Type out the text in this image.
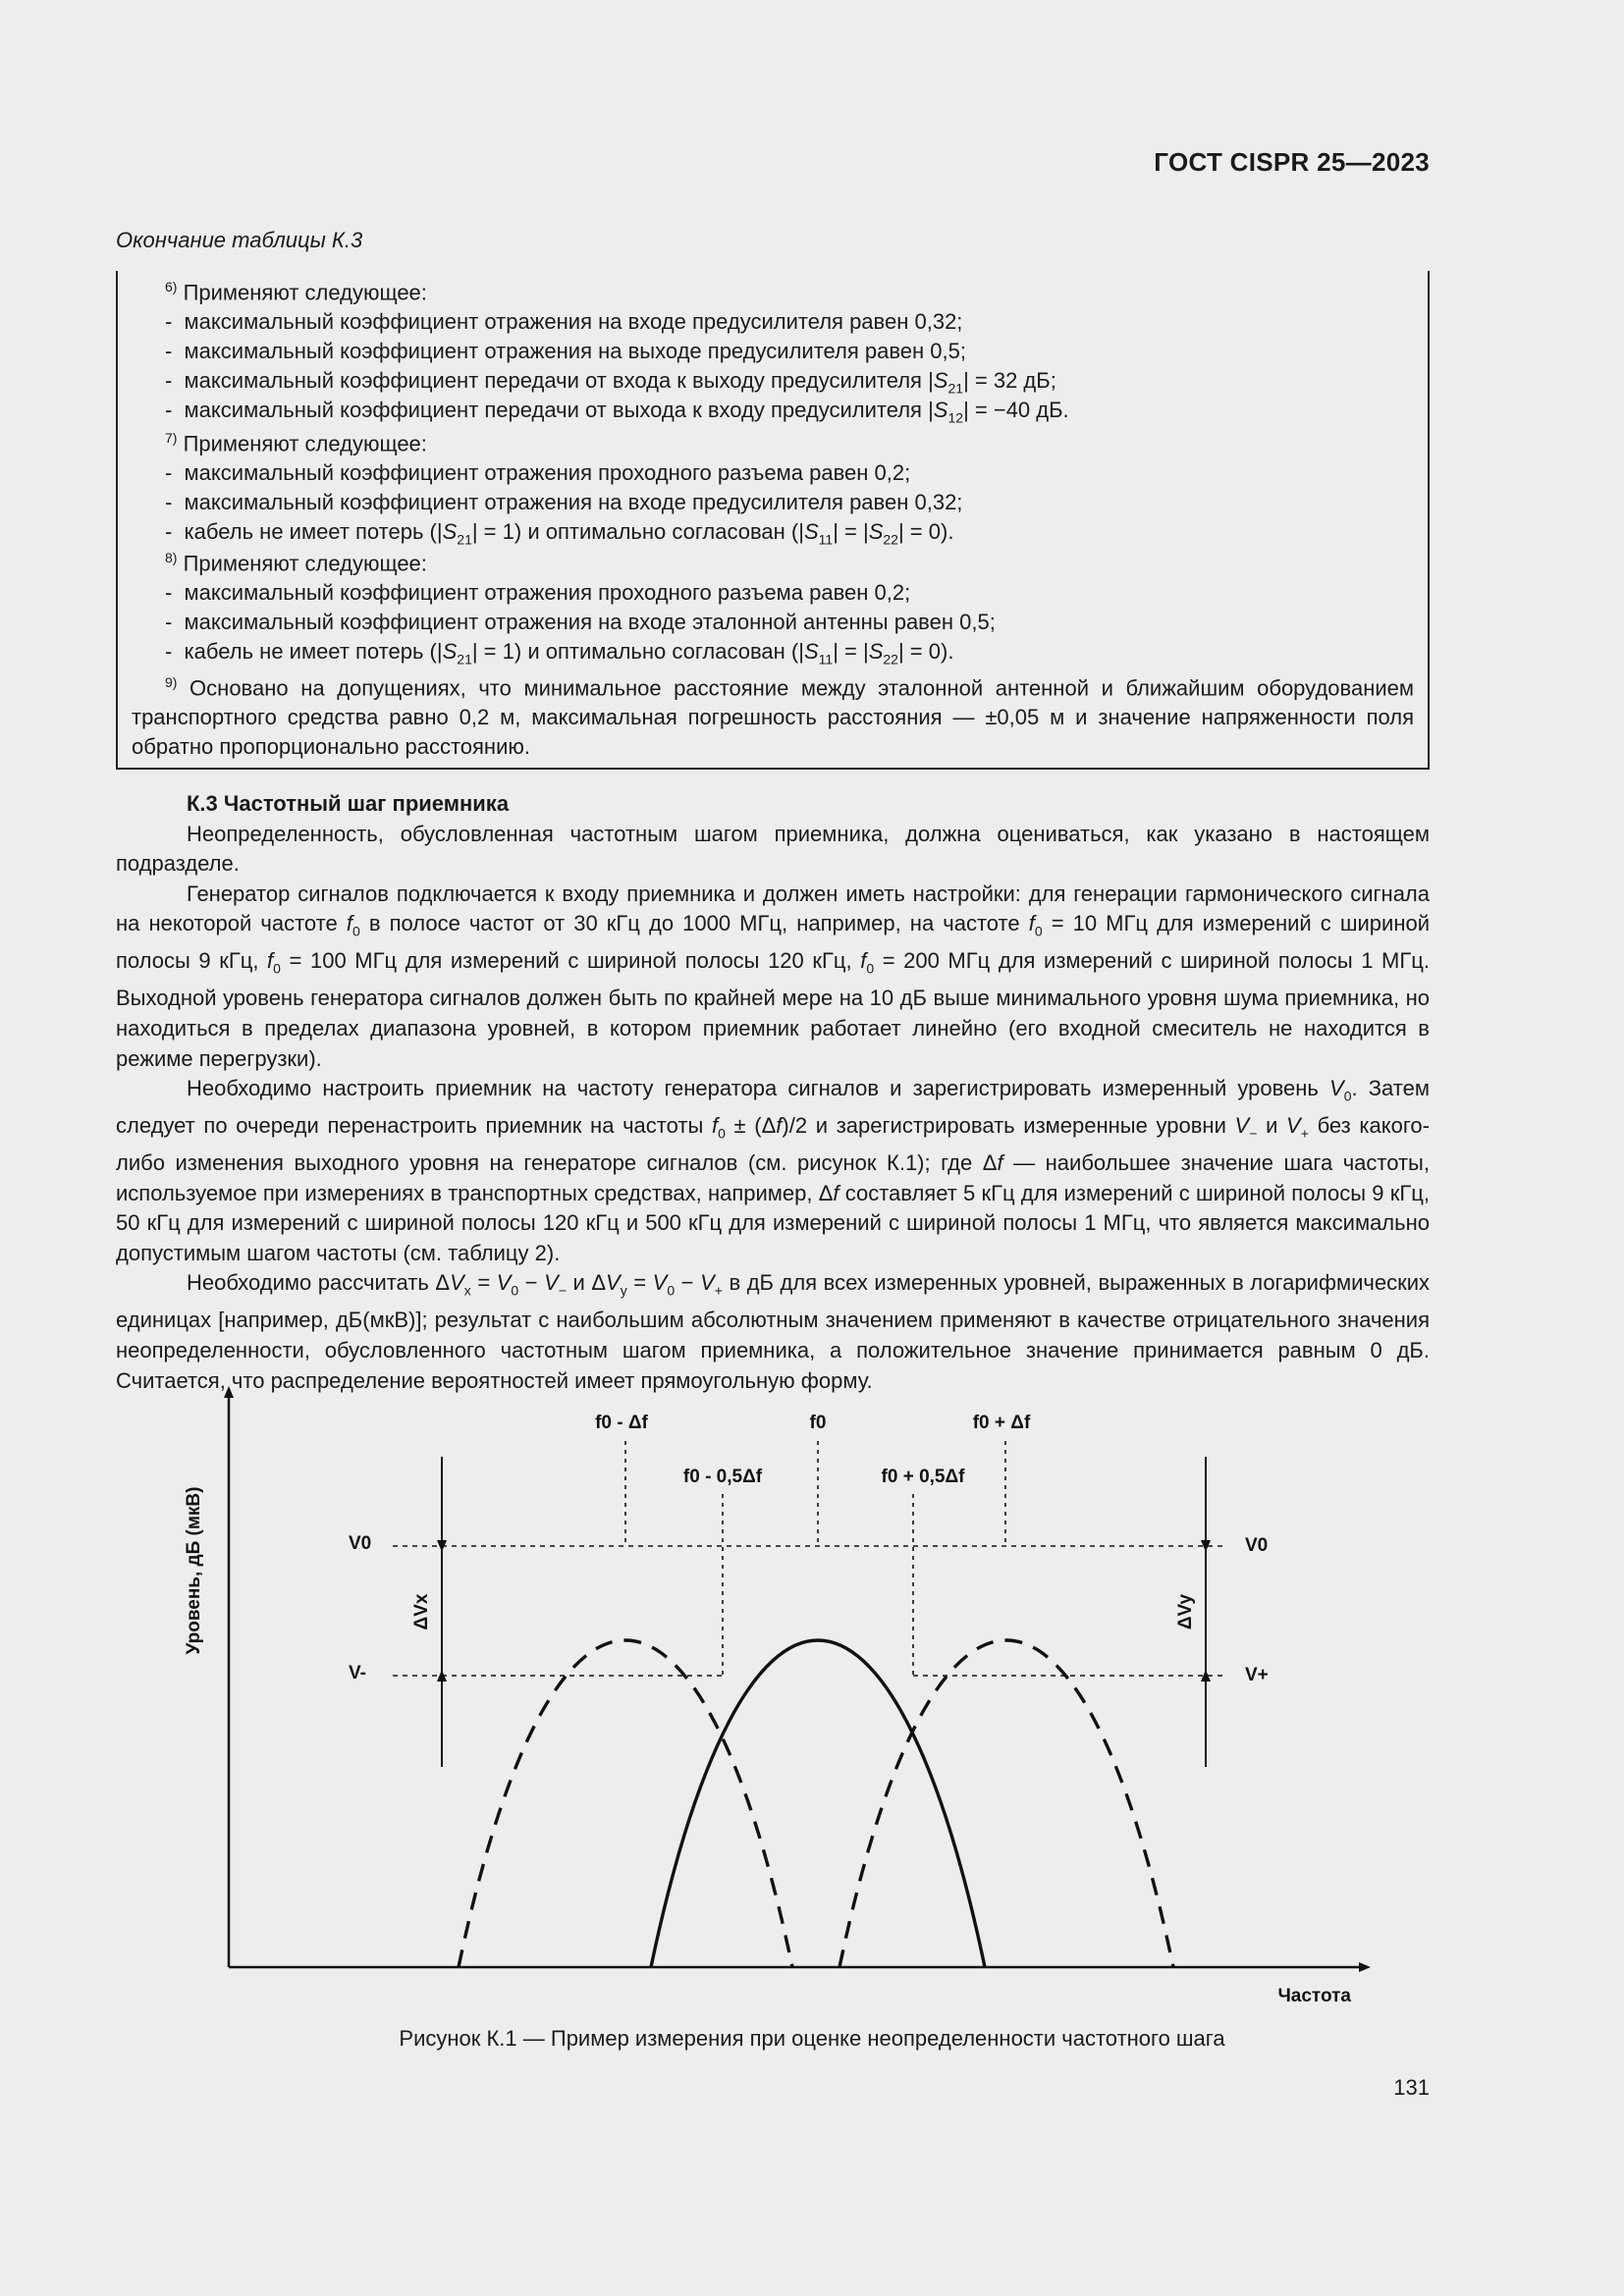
ГОСТ CISPR 25—2023
Окончание таблицы К.3
$^{6)}$ Применяют следующее:
-  максимальный коэффициент отражения на входе предусилителя равен 0,32;
-  максимальный коэффициент отражения на выходе предусилителя равен 0,5;
-  максимальный коэффициент передачи от входа к выходу предусилителя $|S_{21}| = 32$ дБ;
-  максимальный коэффициент передачи от выхода к входу предусилителя $|S_{12}| = -40$ дБ.
$^{7)}$ Применяют следующее:
-  максимальный коэффициент отражения проходного разъема равен 0,2;
-  максимальный коэффициент отражения на входе предусилителя равен 0,32;
-  кабель не имеет потерь $(|S_{21}| = 1)$ и оптимально согласован $(|S_{11}| = |S_{22}| = 0)$.
$^{8)}$ Применяют следующее:
-  максимальный коэффициент отражения проходного разъема равен 0,2;
-  максимальный коэффициент отражения на входе эталонной антенны равен 0,5;
-  кабель не имеет потерь $(|S_{21}| = 1)$ и оптимально согласован $(|S_{11}| = |S_{22}| = 0)$.
$^{9)}$ Основано на допущениях, что минимальное расстояние между эталонной антенной и ближайшим оборудованием транспортного средства равно 0,2 м, максимальная погрешность расстояния — ±0,05 м и значение напряженности поля обратно пропорционально расстоянию.
К.3 Частотный шаг приемника

Неопределенность, обусловленная частотным шагом приемника, должна оцениваться, как указано в настоящем подразделе.

Генератор сигналов подключается к входу приемника и должен иметь настройки: для генерации гармонического сигнала на некоторой частоте $f_0$ в полосе частот от 30 кГц до 1000 МГц, например, на частоте $f_0 = 10$ МГц для измерений с шириной полосы 9 кГц, $f_0 = 100$ МГц для измерений с шириной полосы 120 кГц, $f_0 = 200$ МГц для измерений с шириной полосы 1 МГц. Выходной уровень генератора сигналов должен быть по крайней мере на 10 дБ выше минимального уровня шума приемника, но находиться в пределах диапазона уровней, в котором приемник работает линейно (его входной смеситель не находится в режиме перегрузки).

Необходимо настроить приемник на частоту генератора сигналов и зарегистрировать измеренный уровень $V_0$. Затем следует по очереди перенастроить приемник на частоты $f_0 \pm (\Delta f)/2$ и зарегистрировать измеренные уровни $V_-$ и $V_+$ без какого-либо изменения выходного уровня на генераторе сигналов (см. рисунок К.1); где Δf — наибольшее значение шага частоты, используемое при измерениях в транспортных средствах, например, Δf составляет 5 кГц для измерений с шириной полосы 9 кГц, 50 кГц для измерений с шириной полосы 120 кГц и 500 кГц для измерений с шириной полосы 1 МГц, что является максимально допустимым шагом частоты (см. таблицу 2).

Необходимо рассчитать $\Delta V_x = V_0 - V_-$ и $\Delta V_y = V_0 - V_+$ в дБ для всех измеренных уровней, выраженных в логарифмических единицах [например, дБ(мкВ)]; результат с наибольшим абсолютным значением применяют в качестве отрицательного значения неопределенности, обусловленного частотным шагом приемника, а положительное значение принимается равным 0 дБ. Считается, что распределение вероятностей имеет прямоугольную форму.

Уровень, дБ (мкВ)
Частота
f0 - Δf	f0	f0 + Δf
f0 - 0,5Δf	f0 + 0,5Δf
V0	V0
V-	V+
ΔVx	ΔVy
Рисунок К.1 — Пример измерения при оценке неопределенности частотного шага
131
